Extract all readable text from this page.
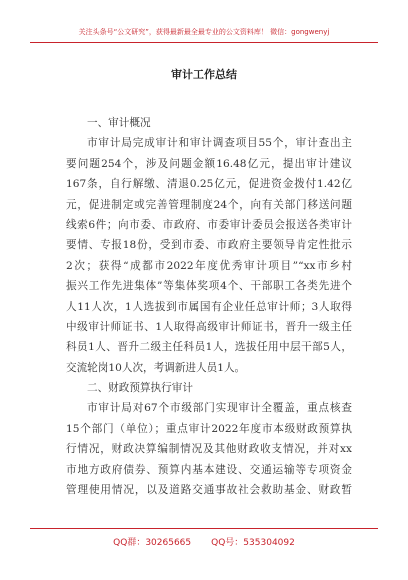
关注头条号“公文研究”，获得最新最全最专业的公文资料库！ 微信：gongwenyj
审计工作总结
一、审计概况
市审计局完成审计和审计调查项目55个，审计查出主
要问题254个，涉及问题金额16.48亿元，提出审计建议
167条，自行解缴、清退0.25亿元，促进资金拨付1.42亿
元，促进制定或完善管理制度24个，向有关部门移送问题
线索6件；向市委、市政府、市委审计委员会报送各类审计
要情、专报18份，受到市委、市政府主要领导肯定性批示
2次；获得“成都市2022年度优秀审计项目”“xx市乡村
振兴工作先进集体”等集体奖项4个、干部职工各类先进个
人11人次，1人选拔到市属国有企业任总审计师；3人取得
中级审计师证书、1人取得高级审计师证书，晋升一级主任
科员1人、晋升二级主任科员1人，选拔任用中层干部5人，
交流轮岗10人次，考调新进人员1人。
二、财政预算执行审计
市审计局对67个市级部门实现审计全覆盖，重点核查
15个部门（单位）；重点审计2022年度市本级财政预算执
行情况，财政决算编制情况及其他财政收支情况，并对xx
市地方政府债券、预算内基本建设、交通运输等专项资金
管理使用情况，以及道路交通事故社会救助基金、财政暂
QQ群：30265665 QQ号：535304092
